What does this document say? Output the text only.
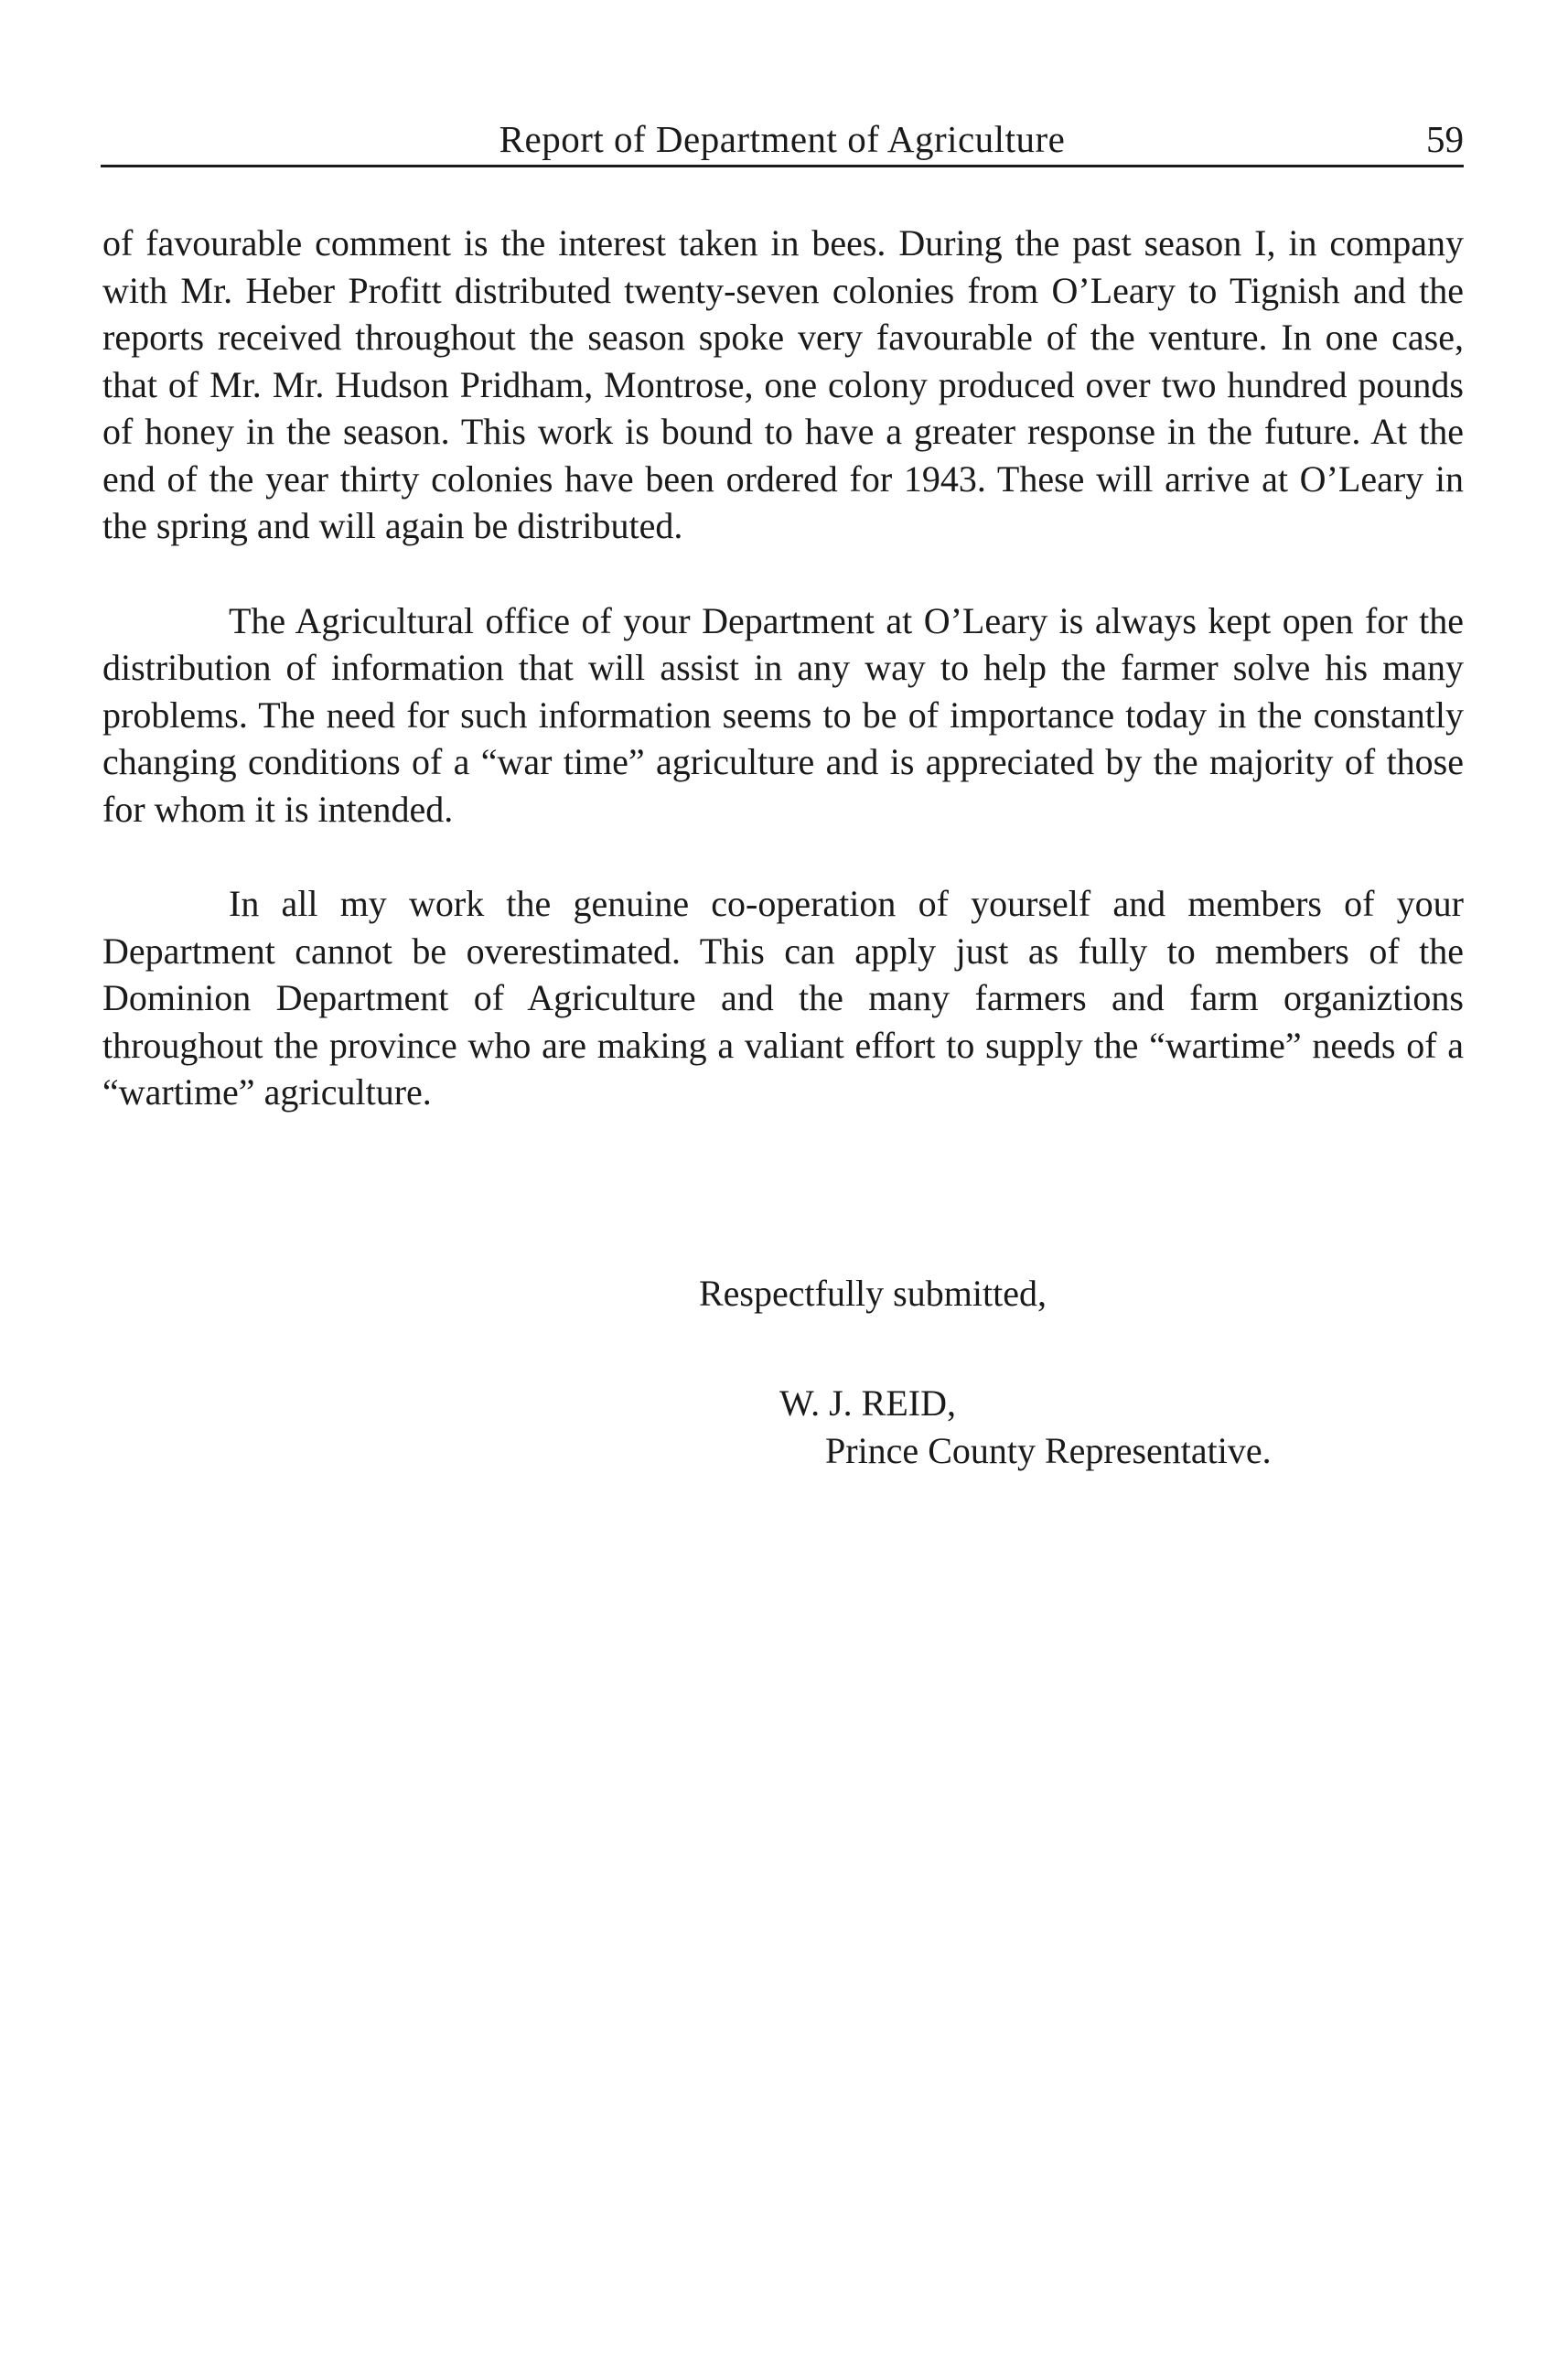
Report of Department of Agriculture	59

of favourable comment is the interest taken in bees. During the past season I, in company with Mr. Heber Profitt distributed twenty-seven colonies from O’Leary to Tignish and the reports received throughout the season spoke very favourable of the venture. In one case, that of Mr. Mr. Hudson Pridham, Montrose, one colony produced over two hundred pounds of honey in the season. This work is bound to have a greater response in the future. At the end of the year thirty colonies have been ordered for 1943. These will arrive at O’Leary in the spring and will again be distributed.

The Agricultural office of your Department at O’Leary is always kept open for the distribution of information that will assist in any way to help the farmer solve his many problems. The need for such information seems to be of importance today in the constantly changing conditions of a “war time” agriculture and is appreciated by the majority of those for whom it is intended.

In all my work the genuine co-operation of yourself and members of your Department cannot be overestimated. This can apply just as fully to members of the Dominion Department of Agriculture and the many farmers and farm organiztions throughout the province who are making a valiant effort to supply the “wartime” needs of a “wartime” agriculture.

Respectfully submitted,
W. J. REID,
Prince County Representative.
